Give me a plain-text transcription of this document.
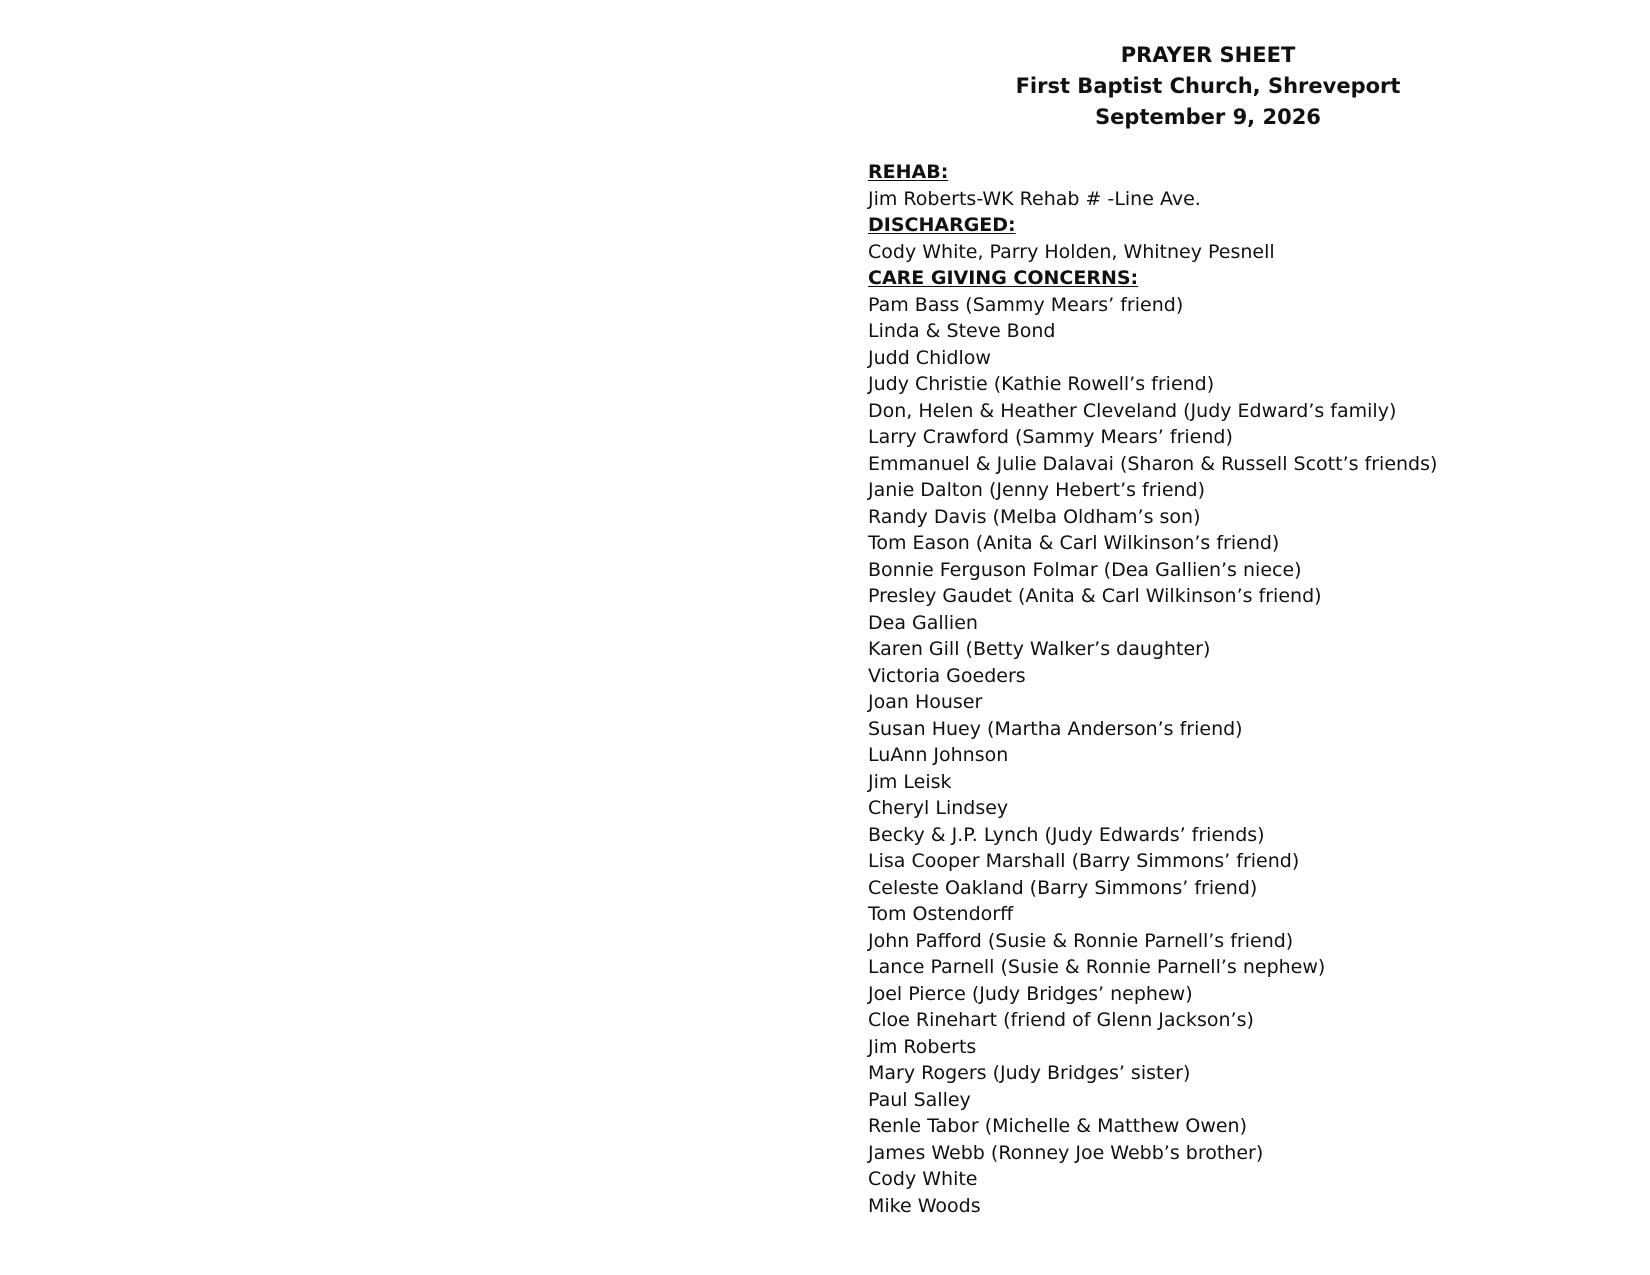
PRAYER SHEET
First Baptist Church, Shreveport
September 9, 2026
REHAB:
Jim Roberts-WK Rehab # -Line Ave.
DISCHARGED:
Cody White, Parry Holden, Whitney Pesnell
CARE GIVING CONCERNS:
Pam Bass (Sammy Mears’ friend)
Linda & Steve Bond
Judd Chidlow
Judy Christie (Kathie Rowell’s friend)
Don, Helen & Heather Cleveland (Judy Edward’s family)
Larry Crawford (Sammy Mears’ friend)
Emmanuel & Julie Dalavai (Sharon & Russell Scott’s friends)
Janie Dalton (Jenny Hebert’s friend)
Randy Davis (Melba Oldham’s son)
Tom Eason (Anita & Carl Wilkinson’s friend)
Bonnie Ferguson Folmar (Dea Gallien’s niece)
Presley Gaudet (Anita & Carl Wilkinson’s friend)
Dea Gallien
Karen Gill (Betty Walker’s daughter)
Victoria Goeders
Joan Houser
Susan Huey (Martha Anderson’s friend)
LuAnn Johnson
Jim Leisk
Cheryl Lindsey
Becky & J.P. Lynch (Judy Edwards’ friends)
Lisa Cooper Marshall (Barry Simmons’ friend)
Celeste Oakland (Barry Simmons’ friend)
Tom Ostendorff
John Pafford (Susie & Ronnie Parnell’s friend)
Lance Parnell (Susie & Ronnie Parnell’s nephew)
Joel Pierce (Judy Bridges’ nephew)
Cloe Rinehart (friend of Glenn Jackson’s)
Jim Roberts
Mary Rogers (Judy Bridges’ sister)
Paul Salley
Renle Tabor (Michelle & Matthew Owen)
James Webb (Ronney Joe Webb’s brother)
Cody White
Mike Woods
